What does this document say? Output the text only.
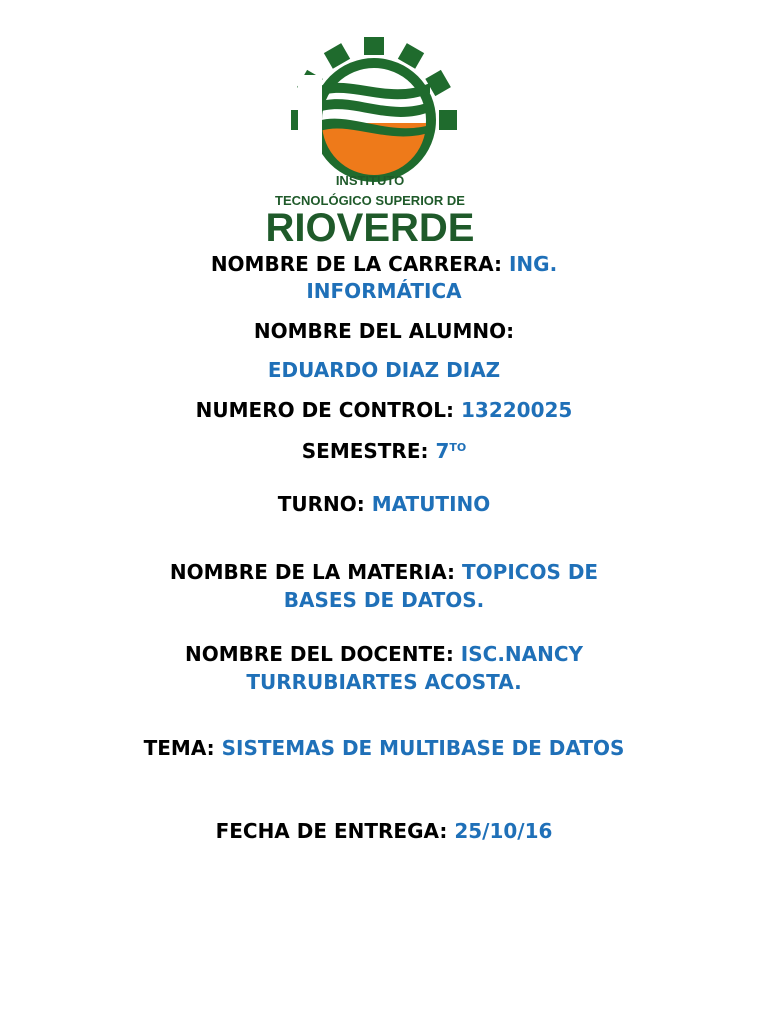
INSTITUTO
TECNOLÓGICO SUPERIOR DE
RIOVERDE
NOMBRE DE LA CARRERA: ING.
INFORMÁTICA
NOMBRE DEL ALUMNO:
EDUARDO DIAZ DIAZ
NUMERO DE CONTROL: 13220025
SEMESTRE: $7^{TO}$
TURNO: MATUTINO
NOMBRE DE LA MATERIA: TOPICOS DE
BASES DE DATOS.
NOMBRE DEL DOCENTE: ISC.NANCY
TURRUBIARTES ACOSTA.
TEMA: SISTEMAS DE MULTIBASE DE DATOS
FECHA DE ENTREGA: 25/10/16
